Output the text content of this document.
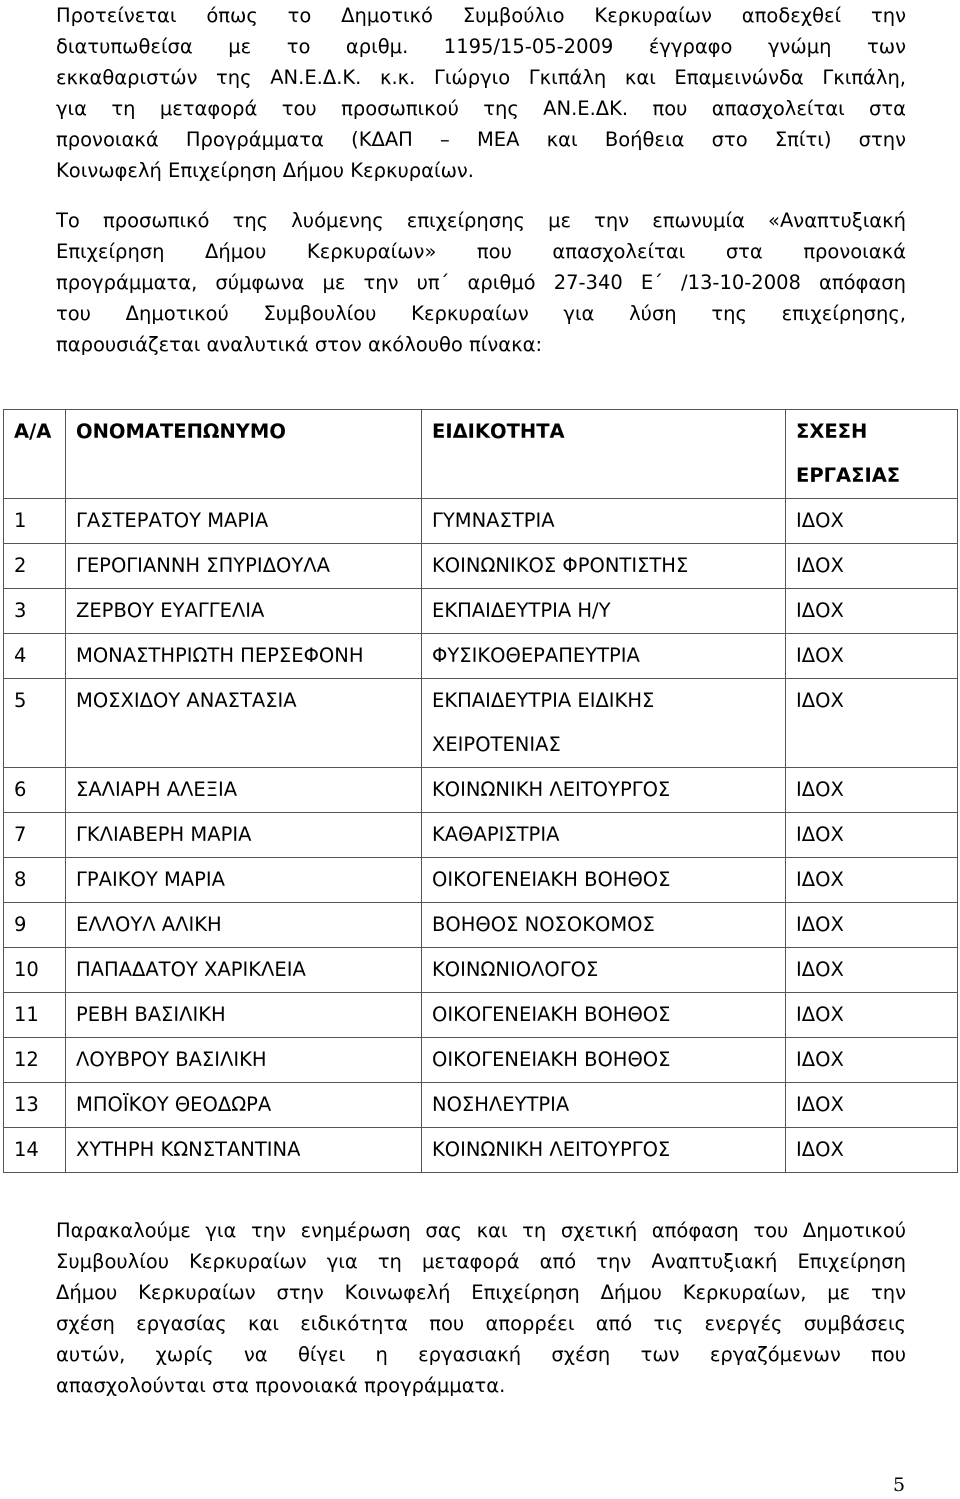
Προτείνεται όπως το Δημοτικό Συμβούλιο Κερκυραίων αποδεχθεί την
διατυπωθείσα με το αριθμ. 1195/15-05-2009 έγγραφο γνώμη των
εκκαθαριστών της ΑΝ.Ε.Δ.Κ. κ.κ. Γιώργιο Γκιπάλη και Επαμεινώνδα Γκιπάλη,
για τη μεταφορά του προσωπικού της ΑΝ.Ε.ΔΚ. που απασχολείται στα
προνοιακά Προγράμματα (ΚΔΑΠ – ΜΕΑ και Βοήθεια στο Σπίτι) στην
Κοινωφελή Επιχείρηση Δήμου Κερκυραίων.
Το προσωπικό της λυόμενης επιχείρησης με την επωνυμία «Αναπτυξιακή
Επιχείρηση Δήμου Κερκυραίων» που απασχολείται στα προνοιακά
προγράμματα, σύμφωνα με την υπ΄ αριθμό 27-340 Ε΄ /13-10-2008 απόφαση
του Δημοτικού Συμβουλίου Κερκυραίων για λύση της επιχείρησης,
παρουσιάζεται αναλυτικά στον ακόλουθο πίνακα:
Α/Α	ΟΝΟΜΑΤΕΠΩΝΥΜΟ	ΕΙΔΙΚΟΤΗΤΑ	ΣΧΕΣΗ
ΕΡΓΑΣΙΑΣ

1	ΓΑΣΤΕΡΑΤΟΥ ΜΑΡΙΑ	ΓΥΜΝΑΣΤΡΙΑ	ΙΔΟΧ
2	ΓΕΡΟΓΙΑΝΝΗ ΣΠΥΡΙΔΟΥΛΑ	ΚΟΙΝΩΝΙΚΟΣ ΦΡΟΝΤΙΣΤΗΣ	ΙΔΟΧ
3	ΖΕΡΒΟΥ ΕΥΑΓΓΕΛΙΑ	ΕΚΠΑΙΔΕΥΤΡΙΑ Η/Υ	ΙΔΟΧ
4	ΜΟΝΑΣΤΗΡΙΩΤΗ ΠΕΡΣΕΦΟΝΗ	ΦΥΣΙΚΟΘΕΡΑΠΕΥΤΡΙΑ	ΙΔΟΧ
5	ΜΟΣΧΙΔΟΥ ΑΝΑΣΤΑΣΙΑ	ΕΚΠΑΙΔΕΥΤΡΙΑ ΕΙΔΙΚΗΣ
ΧΕΙΡΟΤΕΝΙΑΣ	ΙΔΟΧ
6	ΣΑΛΙΑΡΗ ΑΛΕΞΙΑ	ΚΟΙΝΩΝΙΚΗ ΛΕΙΤΟΥΡΓΟΣ	ΙΔΟΧ
7	ΓΚΛΙΑΒΕΡΗ ΜΑΡΙΑ	ΚΑΘΑΡΙΣΤΡΙΑ	ΙΔΟΧ
8	ΓΡΑΙΚΟΥ ΜΑΡΙΑ	ΟΙΚΟΓΕΝΕΙΑΚΗ ΒΟΗΘΟΣ	ΙΔΟΧ
9	ΕΛΛΟΥΛ ΑΛΙΚΗ	ΒΟΗΘΟΣ ΝΟΣΟΚΟΜΟΣ	ΙΔΟΧ
10	ΠΑΠΑΔΑΤΟΥ ΧΑΡΙΚΛΕΙΑ	ΚΟΙΝΩΝΙΟΛΟΓΟΣ	ΙΔΟΧ
11	ΡΕΒΗ ΒΑΣΙΛΙΚΗ	ΟΙΚΟΓΕΝΕΙΑΚΗ ΒΟΗΘΟΣ	ΙΔΟΧ
12	ΛΟΥΒΡΟΥ ΒΑΣΙΛΙΚΗ	ΟΙΚΟΓΕΝΕΙΑΚΗ ΒΟΗΘΟΣ	ΙΔΟΧ
13	ΜΠΟΪΚΟΥ ΘΕΟΔΩΡΑ	ΝΟΣΗΛΕΥΤΡΙΑ	ΙΔΟΧ
14	ΧΥΤΗΡΗ ΚΩΝΣΤΑΝΤΙΝΑ	ΚΟΙΝΩΝΙΚΗ ΛΕΙΤΟΥΡΓΟΣ	ΙΔΟΧ
Παρακαλούμε για την ενημέρωση σας και τη σχετική απόφαση του Δημοτικού
Συμβουλίου Κερκυραίων για τη μεταφορά από την Αναπτυξιακή Επιχείρηση
Δήμου Κερκυραίων στην Κοινωφελή Επιχείρηση Δήμου Κερκυραίων, με την
σχέση εργασίας και ειδικότητα που απορρέει από τις ενεργές συμβάσεις
αυτών, χωρίς να θίγει η εργασιακή σχέση των εργαζόμενων που
απασχολούνται στα προνοιακά προγράμματα.
5
